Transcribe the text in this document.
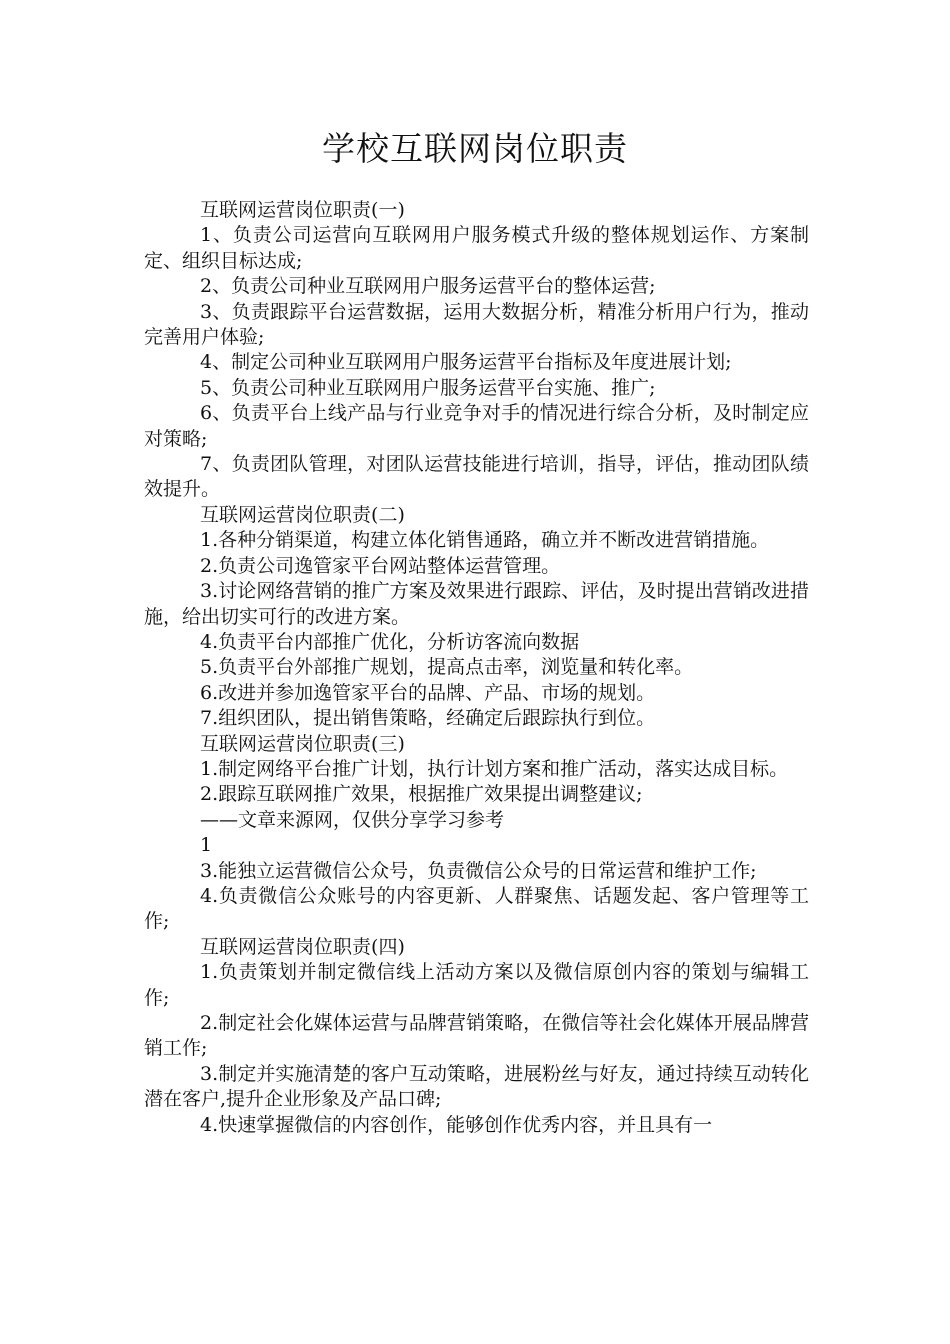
学校互联网岗位职责

互联网运营岗位职责(一)

1、负责公司运营向互联网用户服务模式升级的整体规划运作、方案制定、组织目标达成;

2、负责公司种业互联网用户服务运营平台的整体运营;

3、负责跟踪平台运营数据，运用大数据分析，精准分析用户行为，推动完善用户体验;

4、制定公司种业互联网用户服务运营平台指标及年度进展计划;

5、负责公司种业互联网用户服务运营平台实施、推广;

6、负责平台上线产品与行业竞争对手的情况进行综合分析，及时制定应对策略;

7、负责团队管理，对团队运营技能进行培训，指导，评估，推动团队绩效提升。

互联网运营岗位职责(二)

1.各种分销渠道，构建立体化销售通路，确立并不断改进营销措施。

2.负责公司逸管家平台网站整体运营管理。

3.讨论网络营销的推广方案及效果进行跟踪、评估，及时提出营销改进措施，给出切实可行的改进方案。

4.负责平台内部推广优化，分析访客流向数据

5.负责平台外部推广规划，提高点击率，浏览量和转化率。

6.改进并参加逸管家平台的品牌、产品、市场的规划。

7.组织团队，提出销售策略，经确定后跟踪执行到位。

互联网运营岗位职责(三)

1.制定网络平台推广计划，执行计划方案和推广活动，落实达成目标。

2.跟踪互联网推广效果，根据推广效果提出调整建议;

——文章来源网，仅供分享学习参考

1

3.能独立运营微信公众号，负责微信公众号的日常运营和维护工作;

4.负责微信公众账号的内容更新、人群聚焦、话题发起、客户管理等工作;

互联网运营岗位职责(四)

1.负责策划并制定微信线上活动方案以及微信原创内容的策划与编辑工作;

2.制定社会化媒体运营与品牌营销策略，在微信等社会化媒体开展品牌营销工作;

3.制定并实施清楚的客户互动策略，进展粉丝与好友，通过持续互动转化潜在客户,提升企业形象及产品口碑;

4.快速掌握微信的内容创作，能够创作优秀内容，并且具有一
